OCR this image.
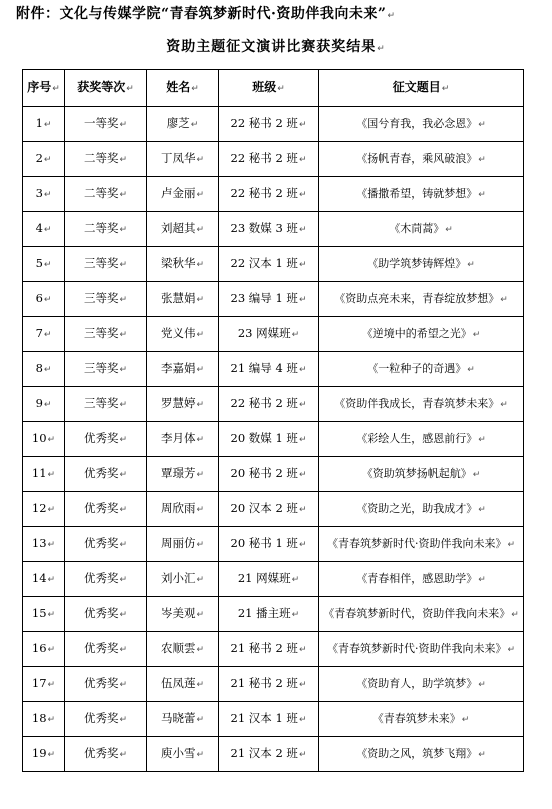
附件：文化与传媒学院“青春筑梦新时代·资助伴我向未来”↵
资助主题征文演讲比赛获奖结果↵
序号↵	获奖等次↵	姓名↵	班级↵	征文题目↵
1↵	一等奖↵	廖芝↵	22 秘书 2 班↵	《国兮育我，我必念恩》↵
2↵	二等奖↵	丁凤华↵	22 秘书 2 班↵	《扬帆青春，乘风破浪》↵
3↵	二等奖↵	卢金丽↵	22 秘书 2 班↵	《播撒希望，铸就梦想》↵
4↵	二等奖↵	刘超其↵	23 数媒 3 班↵	《木茼蒿》↵
5↵	三等奖↵	梁秋华↵	22 汉本 1 班↵	《助学筑梦铸辉煌》↵
6↵	三等奖↵	张慧娟↵	23 编导 1 班↵	《资助点亮未来，青春绽放梦想》↵
7↵	三等奖↵	党义伟↵	23 网媒班↵	《逆境中的希望之光》↵
8↵	三等奖↵	李嘉娟↵	21 编导 4 班↵	《一粒种子的奇遇》↵
9↵	三等奖↵	罗慧婷↵	22 秘书 2 班↵	《资助伴我成长，青春筑梦未来》↵
10↵	优秀奖↵	李月体↵	20 数媒 1 班↵	《彩绘人生，感恩前行》↵
11↵	优秀奖↵	覃璟芳↵	20 秘书 2 班↵	《资助筑梦扬帆起航》↵
12↵	优秀奖↵	周欣雨↵	20 汉本 2 班↵	《资助之光，助我成才》↵
13↵	优秀奖↵	周丽仿↵	20 秘书 1 班↵	《青春筑梦新时代·资助伴我向未来》↵
14↵	优秀奖↵	刘小汇↵	21 网媒班↵	《青春相伴，感恩助学》↵
15↵	优秀奖↵	岑美观↵	21 播主班↵	《青春筑梦新时代，资助伴我向未来》↵
16↵	优秀奖↵	农顺雲↵	21 秘书 2 班↵	《青春筑梦新时代·资助伴我向未来》↵
17↵	优秀奖↵	伍凤莲↵	21 秘书 2 班↵	《资助育人，助学筑梦》↵
18↵	优秀奖↵	马晓蕾↵	21 汉本 1 班↵	《青春筑梦未来》↵
19↵	优秀奖↵	庾小雪↵	21 汉本 2 班↵	《资助之风，筑梦飞翔》↵
